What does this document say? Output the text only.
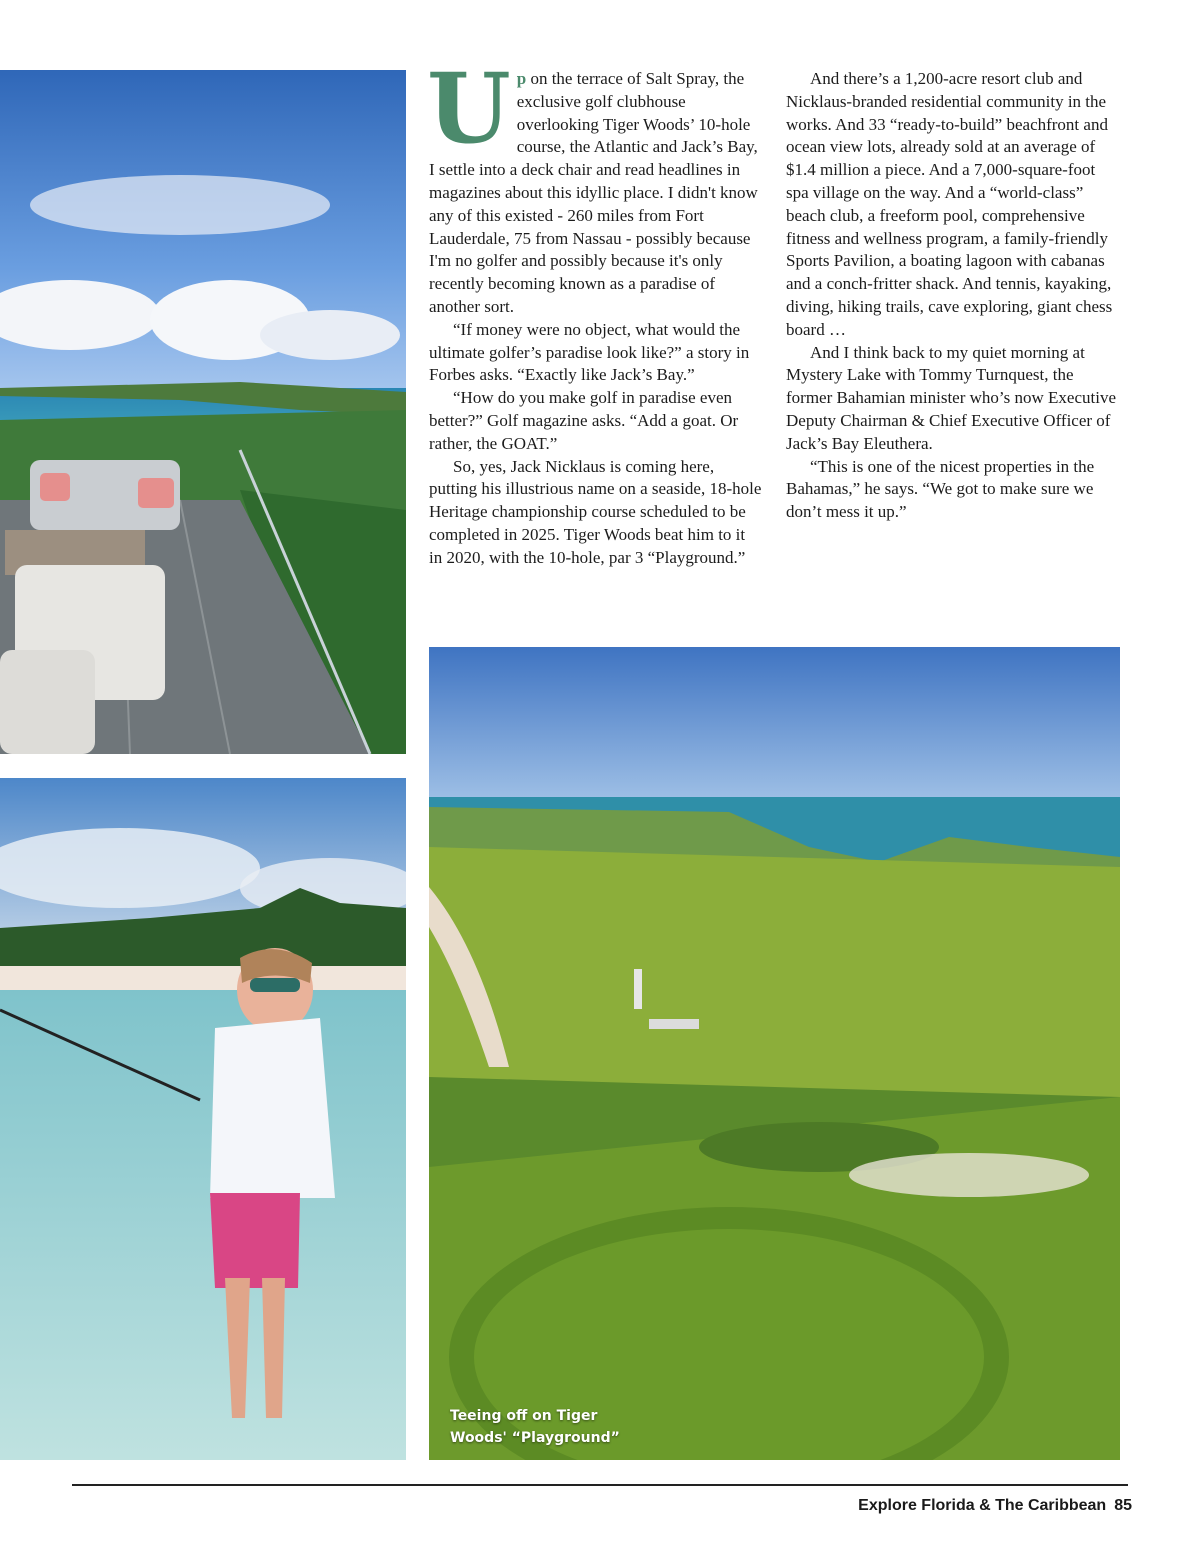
Up on the terrace of Salt Spray, the exclusive golf clubhouse overlooking Tiger Woods’ 10-hole course, the Atlantic and Jack’s Bay, I settle into a deck chair and read headlines in magazines about this idyllic place. I didn't know any of this existed - 260 miles from Fort Lauderdale, 75 from Nassau - possibly because I'm no golfer and possibly because it's only recently becoming known as a paradise of another sort.

“If money were no object, what would the ultimate golfer’s paradise look like?” a story in Forbes asks. “Exactly like Jack’s Bay.”

“How do you make golf in paradise even better?” Golf magazine asks. “Add a goat. Or rather, the GOAT.”

So, yes, Jack Nicklaus is coming here, putting his illustrious name on a seaside, 18-hole Heritage championship course scheduled to be completed in 2025. Tiger Woods beat him to it in 2020, with the 10-hole, par 3 “Playground.”

And there’s a 1,200-acre resort club and Nicklaus-branded residential community in the works. And 33 “ready-to-build” beachfront and ocean view lots, already sold at an average of $1.4 million a piece. And a 7,000-square-foot spa village on the way. And a “world-class” beach club, a freeform pool, comprehensive fitness and wellness program, a family-friendly Sports Pavilion, a boating lagoon with cabanas and a conch-fritter shack. And tennis, kayaking, diving, hiking trails, cave exploring, giant chess board …

And I think back to my quiet morning at Mystery Lake with Tommy Turnquest, the former Bahamian minister who’s now Executive Deputy Chairman & Chief Executive Officer of Jack’s Bay Eleuthera.

“This is one of the nicest properties in the Bahamas,” he says. “We got to make sure we don’t mess it up.”

Teeing off on Tiger
Woods' “Playground”
Explore Florida & The Caribbean 85
